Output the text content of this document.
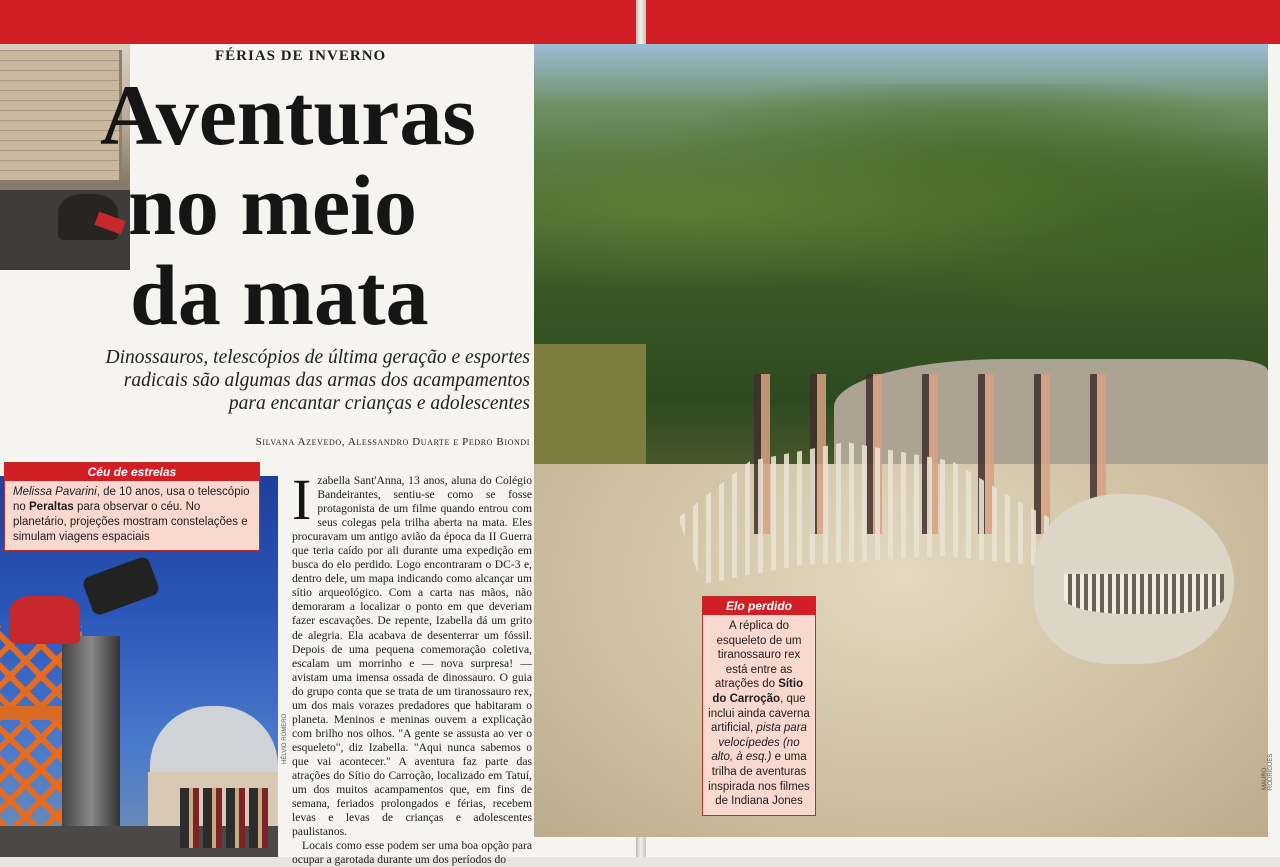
FÉRIAS DE INVERNO
Aventuras
no meio
da mata

Dinossauros, telescópios de última geração e esportes radicais são algumas das armas dos acampamentos para encantar crianças e adolescentes

Silvana Azevedo, Alessandro Duarte e Pedro Biondi

Céu de estrelas
Melissa Pavarini, de 10 anos, usa o telescópio no Peraltas para observar o céu. No planetário, projeções mostram constelações e simulam viagens espaciais
HÉLVIO ROMERO

Izabella Sant'Anna, 13 anos, aluna do Colégio Bandeirantes, sentiu-se como se fosse protagonista de um filme quando entrou com seus colegas pela trilha aberta na mata. Eles procuravam um antigo avião da época da II Guerra que teria caído por ali durante uma expedição em busca do elo perdido. Logo encontraram o DC-3 e, dentro dele, um mapa indicando como alcançar um sítio arqueológico. Com a carta nas mãos, não demoraram a localizar o ponto em que deveriam fazer escavações. De repente, Izabella dá um grito de alegria. Ela acabava de desenterrar um fóssil. Depois de uma pequena comemoração coletiva, escalam um morrinho e — nova surpresa! — avistam uma imensa ossada de dinossauro. O guia do grupo conta que se trata de um tiranossauro rex, um dos mais vorazes predadores que habitaram o planeta. Meninos e meninas ouvem a explicação com brilho nos olhos. "A gente se assusta ao ver o esqueleto", diz Izabella. "Aqui nunca sabemos o que vai acontecer." A aventura faz parte das atrações do Sítio do Carroção, localizado em Tatuí, um dos muitos acampamentos que, em fins de semana, feriados prolongados e férias, recebem levas e levas de crianças e adolescentes paulistanos.

Locais como esse podem ser uma boa opção para ocupar a garotada durante um dos períodos do

Elo perdido
A réplica do esqueleto de um tiranossauro rex está entre as atrações do Sítio do Carroção, que inclui ainda caverna artificial, pista para velocípedes (no alto, à esq.) e uma trilha de aventuras inspirada nos filmes de Indiana Jones
MAURO RODRIGUES
